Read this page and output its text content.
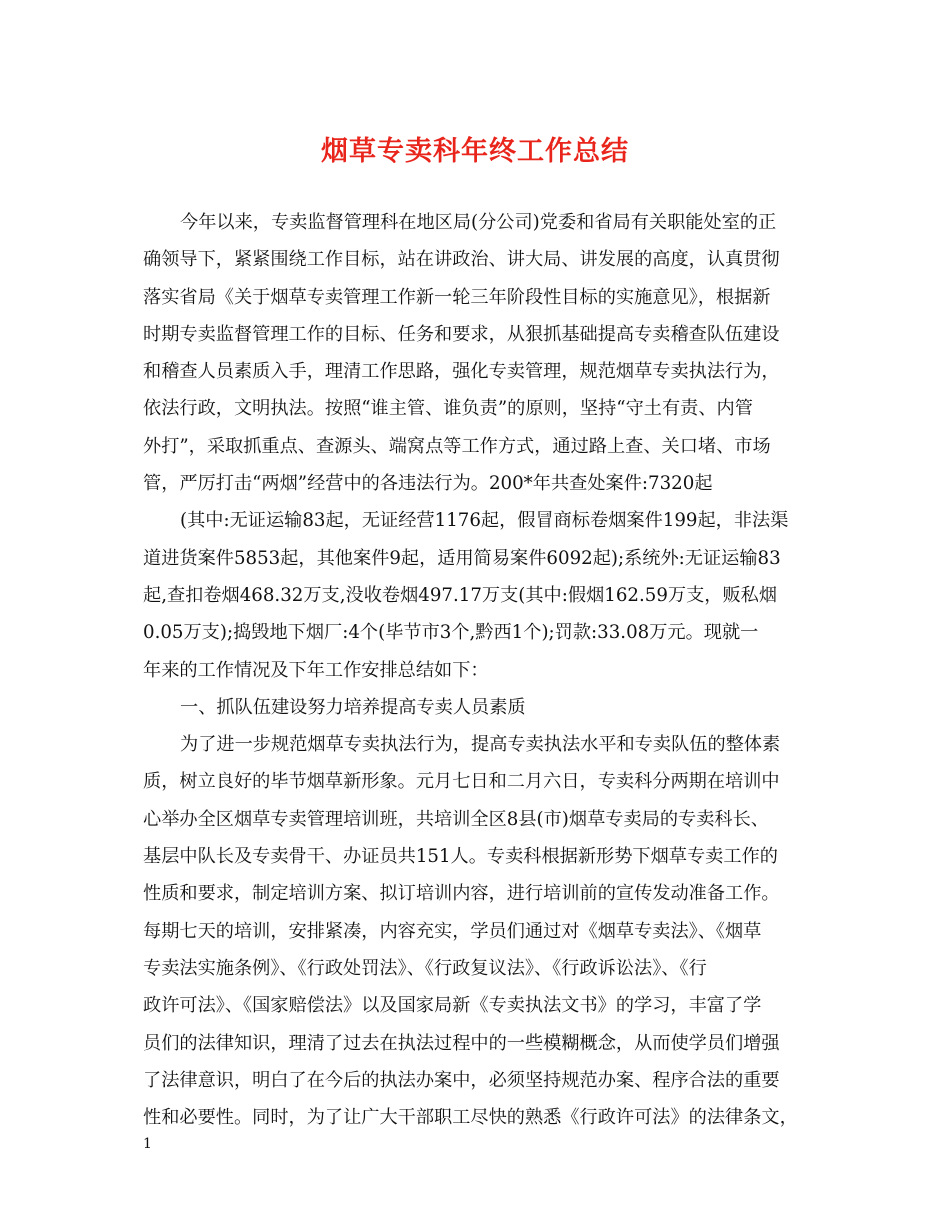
烟草专卖科年终工作总结
今年以来，专卖监督管理科在地区局(分公司)党委和省局有关职能处室的正
确领导下，紧紧围绕工作目标，站在讲政治、讲大局、讲发展的高度，认真贯彻
落实省局《关于烟草专卖管理工作新一轮三年阶段性目标的实施意见》，根据新
时期专卖监督管理工作的目标、任务和要求，从狠抓基础提高专卖稽查队伍建设
和稽查人员素质入手，理清工作思路，强化专卖管理，规范烟草专卖执法行为，
依法行政，文明执法。按照“谁主管、谁负责”的原则，坚持“守土有责、内管
外打”，采取抓重点、查源头、端窝点等工作方式，通过路上查、关口堵、市场
管，严厉打击“两烟”经营中的各违法行为。200*年共查处案件:7320起
(其中:无证运输83起，无证经营1176起，假冒商标卷烟案件199起，非法渠
道进货案件5853起，其他案件9起，适用简易案件6092起);系统外:无证运输83
起,查扣卷烟468.32万支,没收卷烟497.17万支(其中:假烟162.59万支，贩私烟
0.05万支);捣毁地下烟厂:4个(毕节市3个,黔西1个);罚款:33.08万元。现就一
年来的工作情况及下年工作安排总结如下：
一、抓队伍建设努力培养提高专卖人员素质
为了进一步规范烟草专卖执法行为，提高专卖执法水平和专卖队伍的整体素
质，树立良好的毕节烟草新形象。元月七日和二月六日，专卖科分两期在培训中
心举办全区烟草专卖管理培训班，共培训全区8县(市)烟草专卖局的专卖科长、
基层中队长及专卖骨干、办证员共151人。专卖科根据新形势下烟草专卖工作的
性质和要求，制定培训方案、拟订培训内容，进行培训前的宣传发动准备工作。
每期七天的培训，安排紧凑，内容充实，学员们通过对《烟草专卖法》、《烟草
专卖法实施条例》、《行政处罚法》、《行政复议法》、《行政诉讼法》、《行
政许可法》、《国家赔偿法》以及国家局新《专卖执法文书》的学习，丰富了学
员们的法律知识，理清了过去在执法过程中的一些模糊概念，从而使学员们增强
了法律意识，明白了在今后的执法办案中，必须坚持规范办案、程序合法的重要
性和必要性。同时，为了让广大干部职工尽快的熟悉《行政许可法》的法律条文，
1
